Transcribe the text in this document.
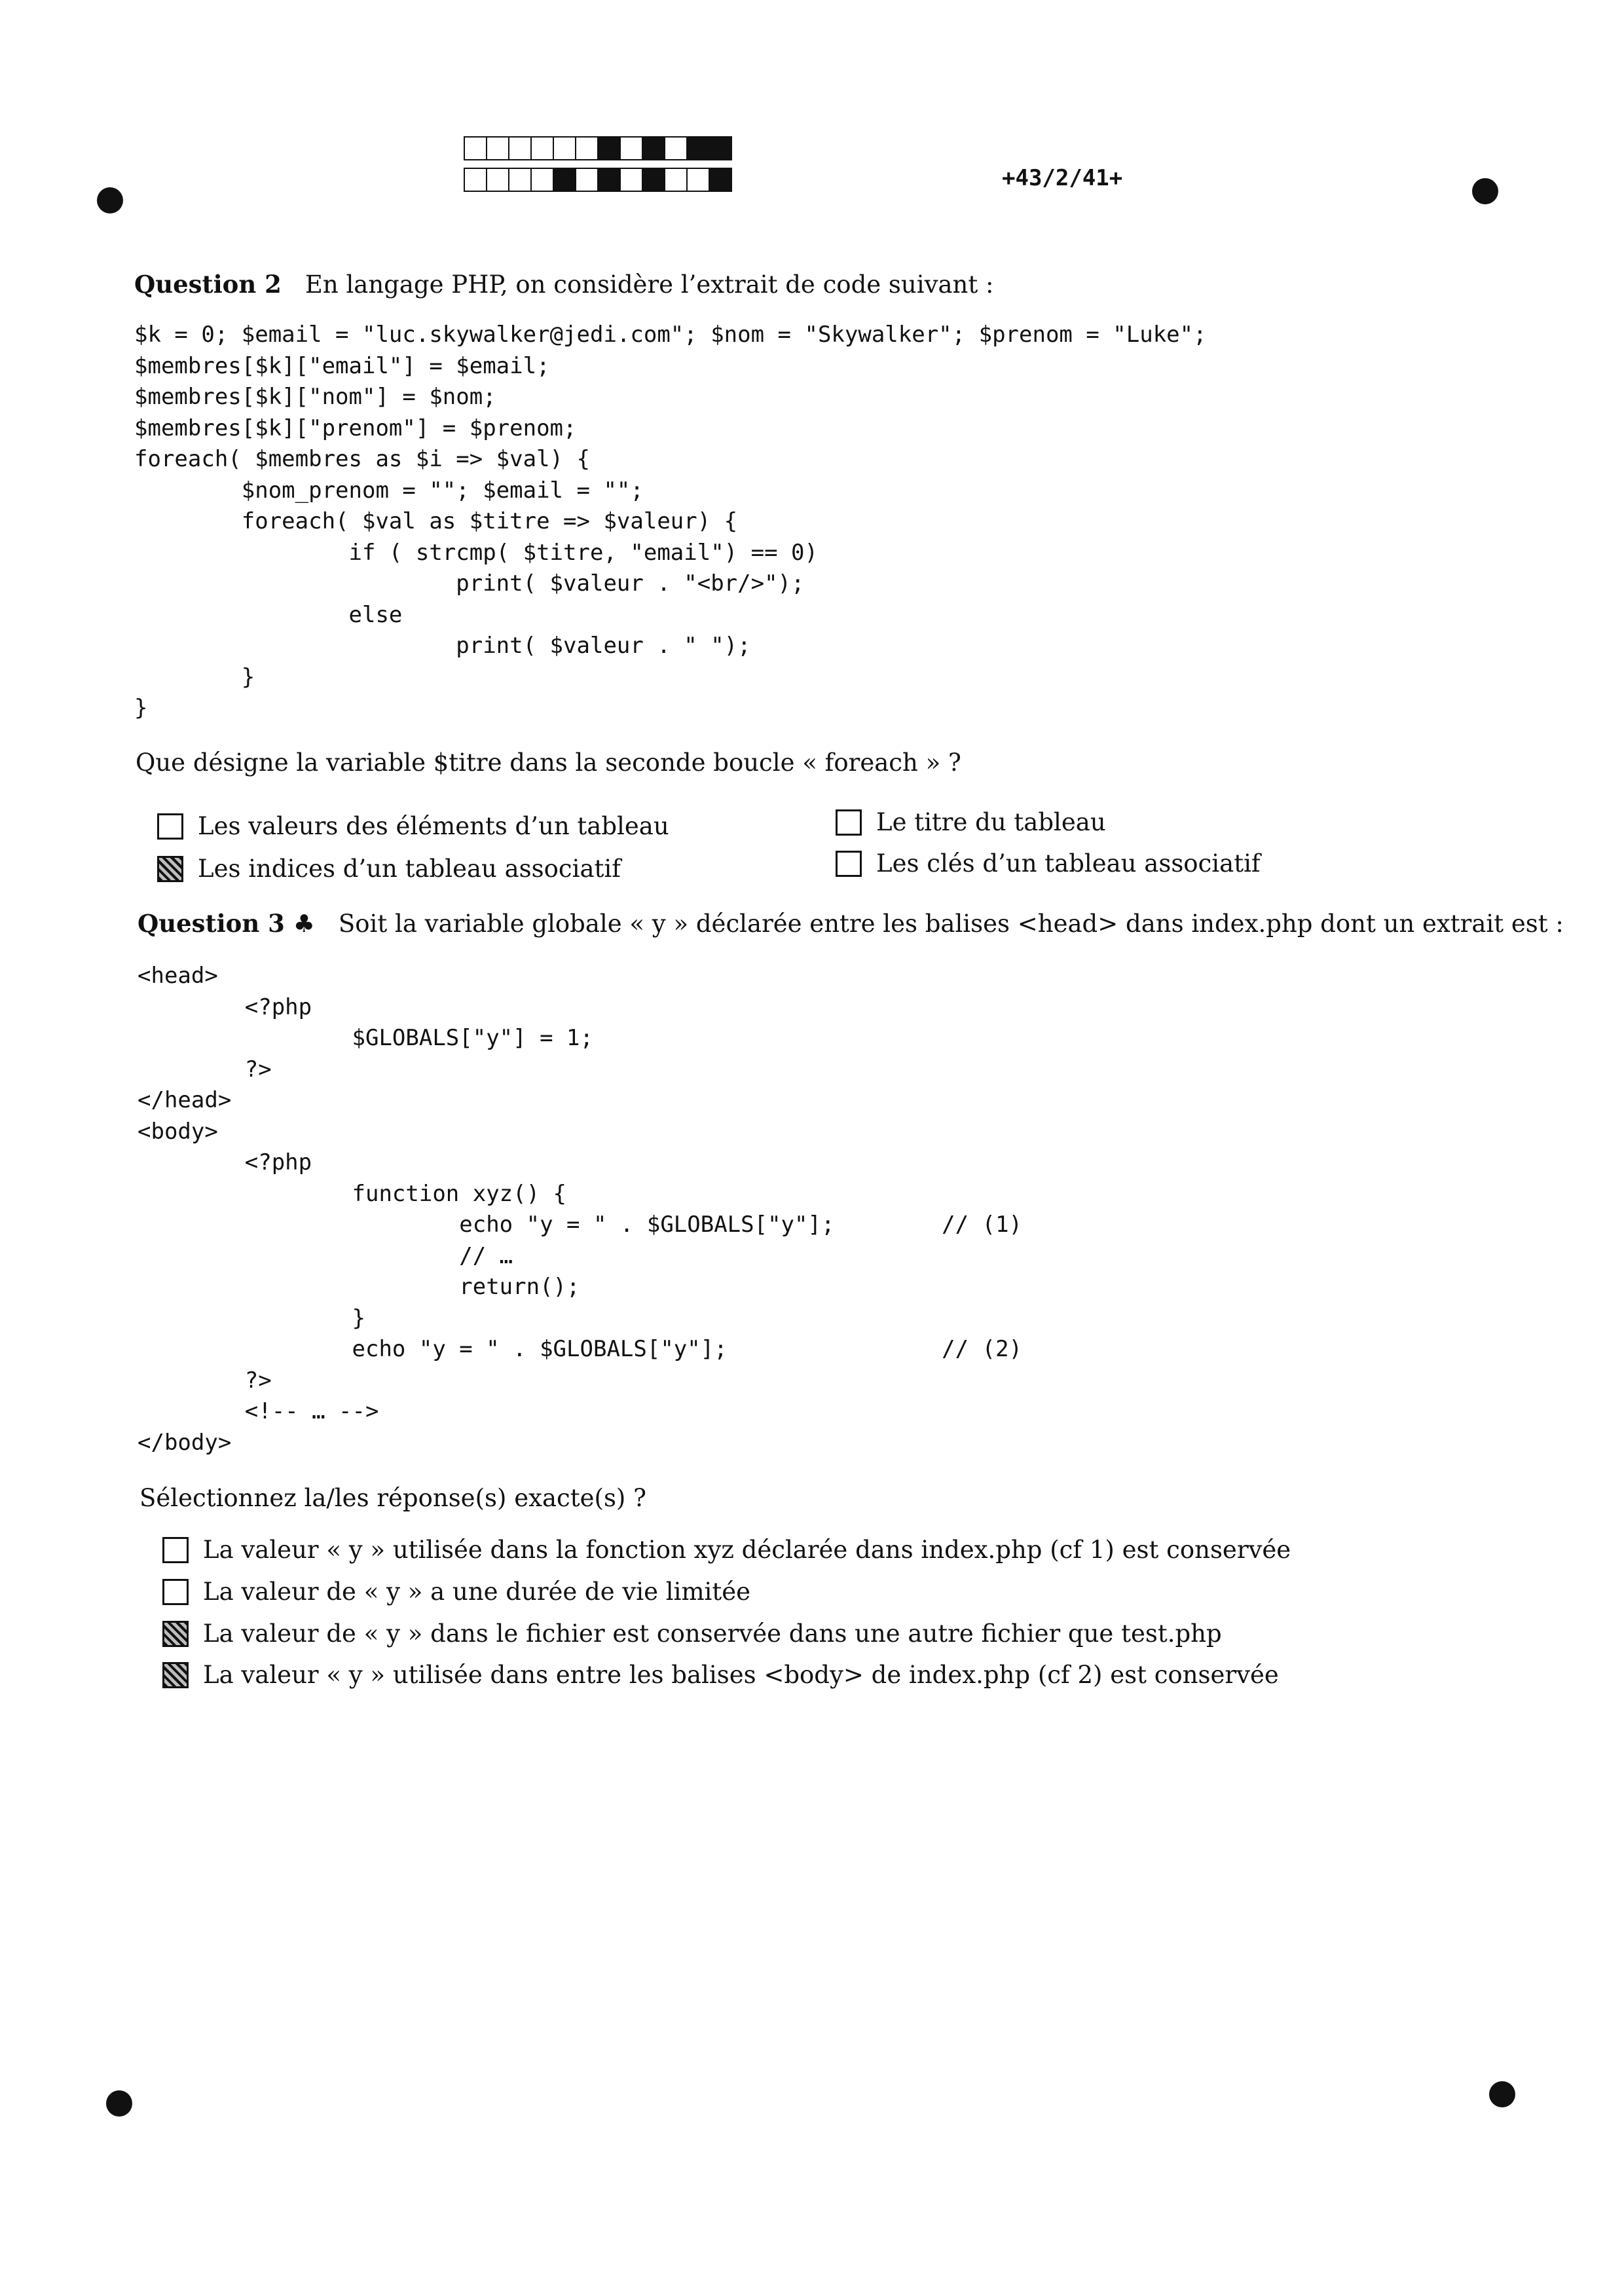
+43/2/41+
Question 2 En langage PHP, on considère l’extrait de code suivant :
$k = 0; $email = "luc.skywalker@jedi.com"; $nom = "Skywalker"; $prenom = "Luke";
$membres[$k]["email"] = $email;
$membres[$k]["nom"] = $nom;
$membres[$k]["prenom"] = $prenom;
foreach( $membres as $i => $val) {
$nom_prenom = ""; $email = "";
foreach( $val as $titre => $valeur) {
if ( strcmp( $titre, "email") == 0)
print( $valeur . "<br/>");
else
print( $valeur . " ");
}
}
Que désigne la variable $titre dans la seconde boucle « foreach » ?
Les valeurs des éléments d’un tableau
Les indices d’un tableau associatif
Le titre du tableau
Les clés d’un tableau associatif
Question 3 ♣ Soit la variable globale « y » déclarée entre les balises <head> dans index.php dont un extrait est :
<head>
<?php
$GLOBALS["y"] = 1;
?>
</head>
<body>
<?php
function xyz() {
echo "y = " . $GLOBALS["y"];        // (1)
// …
return();
}
echo "y = " . $GLOBALS["y"];                // (2)
?>
<!-- … -->
</body>
Sélectionnez la/les réponse(s) exacte(s) ?
La valeur « y » utilisée dans la fonction xyz déclarée dans index.php (cf 1) est conservée
La valeur de « y » a une durée de vie limitée
La valeur de « y » dans le fichier est conservée dans une autre fichier que test.php
La valeur « y » utilisée dans entre les balises <body> de index.php (cf 2) est conservée
